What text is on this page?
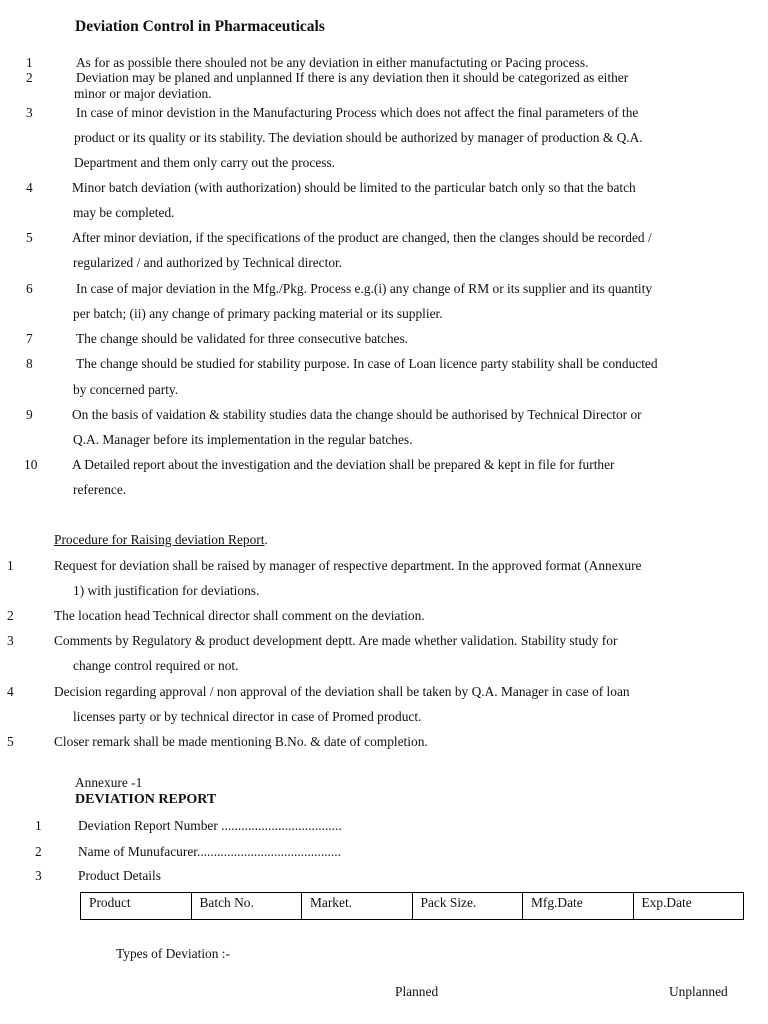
Deviation Control in Pharmaceuticals
1	As for as possible there shouled not be any deviation in either manufactuting or Pacing process.
2	Deviation may be planed and unplanned If there is any deviation then it should be categorized as either
minor or major deviation.
3	In case of minor devistion in the Manufacturing Process which does not affect the final parameters of the
product or its quality or its stability. The deviation should be authorized by manager of production & Q.A.
Department and them only carry out the process.
4	Minor batch deviation (with authorization) should be limited to the particular batch only so that the batch
may be completed.
5	After minor deviation, if the specifications of the product are changed, then the clanges should be recorded /
regularized / and authorized by Technical director.
6	In case of major deviation in the Mfg./Pkg. Process e.g.(i) any change of RM or its supplier and its quantity
per batch; (ii) any change of primary packing material or its supplier.
7	The change should be validated for three consecutive batches.
8	The change should be studied for stability purpose. In case of Loan licence party stability shall be conducted
by concerned party.
9	On the basis of vaidation & stability studies data the change should be authorised by Technical Director or
Q.A. Manager before its implementation in the regular batches.
10	A Detailed report about the investigation and the deviation shall be prepared & kept in file for further
reference.
Procedure for Raising deviation Report.
1	Request for deviation shall be raised by manager of respective department. In the approved format (Annexure
1) with justification for deviations.
2	The location head Technical director shall comment on the deviation.
3	Comments by Regulatory & product development deptt. Are made whether validation. Stability study for
change control required or not.
4	Decision regarding approval / non approval of the deviation shall be taken by Q.A. Manager in case of loan
licenses party or by technical director in case of Promed product.
5	Closer remark shall be made mentioning B.No. & date of completion.
Annexure -1
DEVIATION REPORT
1	Deviation Report Number ....................................
2	Name of Munufacurer...........................................
3	Product Details
Product	Batch No.	Market.	Pack Size.	Mfg.Date	Exp.Date
Types of Deviation :-
Planned	Unplanned
